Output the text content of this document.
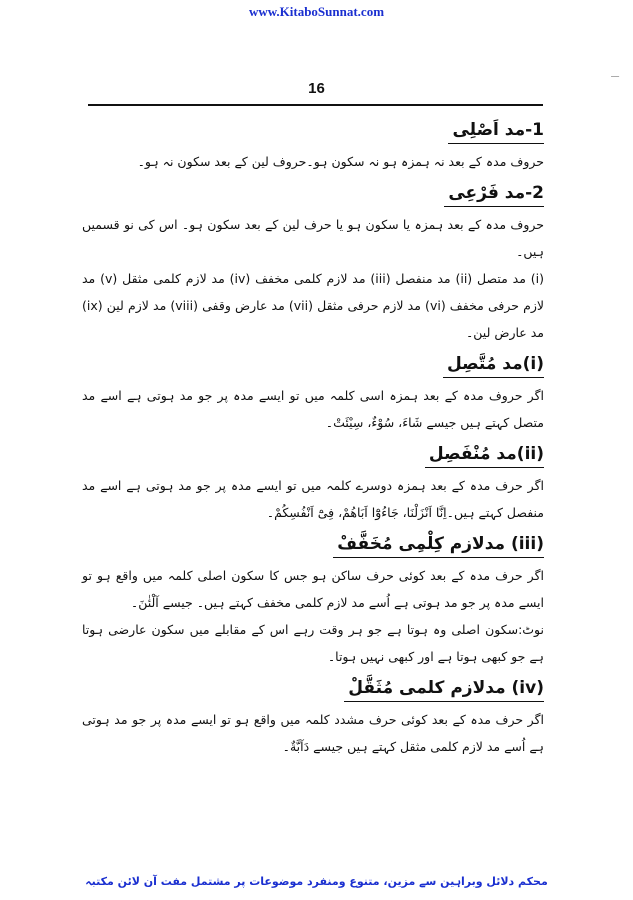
www.KitaboSunnat.com
ـــ
16
1-مد اَصْلِی

حروف مدہ کے بعد نہ ہمزہ ہو نہ سکون ہو۔حروف لین کے بعد سکون نہ ہو۔

2-مد فَرْعِی

حروف مدہ کے بعد ہمزہ یا سکون ہو یا حرف لین کے بعد سکون ہو۔ اس کی نو قسمیں ہیں۔

(i) مد متصل (ii) مد منفصل (iii) مد لازم کلمی مخفف (iv) مد لازم کلمی مثقل (v) مد لازم حرفی مخفف (vi) مد لازم حرفی مثقل (vii) مد عارض وقفی (viii) مد لازم لین (ix) مد عارض لین۔

(i)مد مُتَّصِل

اگر حروف مدہ کے بعد ہمزہ اسی کلمہ میں تو ایسے مدہ پر جو مد ہوتی ہے اسے مد متصل کہتے ہیں جیسے شَاءَ، سُوْءٌ، سِیْئَتْ۔

(ii)مد مُنْفَصِل

اگر حرف مدہ کے بعد ہمزہ دوسرے کلمہ میں تو ایسے مدہ پر جو مد ہوتی ہے اسے مد منفصل کہتے ہیں۔اِنَّا اَنْزَلْنَا، جَاءُوْٓا اَبَاهُمْ، فِیْٓ اَنْفُسِكُمْ۔

(iii) مدلازم كِلْمِی مُخَفَّفْ

اگر حرف مدہ کے بعد کوئی حرف ساکن ہو جس کا سکون اصلی کلمہ میں واقع ہو تو ایسے مدہ پر جو مد ہوتی ہے اُسے مد لازم کلمی مخفف کہتے ہیں۔ جیسے آلْئٰنَ۔

نوٹ:سکون اصلی وہ ہوتا ہے جو ہر وقت رہے اس کے مقابلے میں سکون عارضی ہوتا ہے جو کبھی ہوتا ہے اور کبھی نہیں ہوتا۔

(iv) مدلازم كلمی مُثَقَّلْ

اگر حرف مدہ کے بعد کوئی حرف مشدد کلمہ میں واقع ہو تو ایسے مدہ پر جو مد ہوتی ہے اُسے مد لازم کلمی مثقل کہتے ہیں جیسے دَآبَّةٌ۔

محکم دلائل وبراہین سے مزین، متنوع ومنفرد موضوعات پر مشتمل مفت آن لائن مکتبہ
